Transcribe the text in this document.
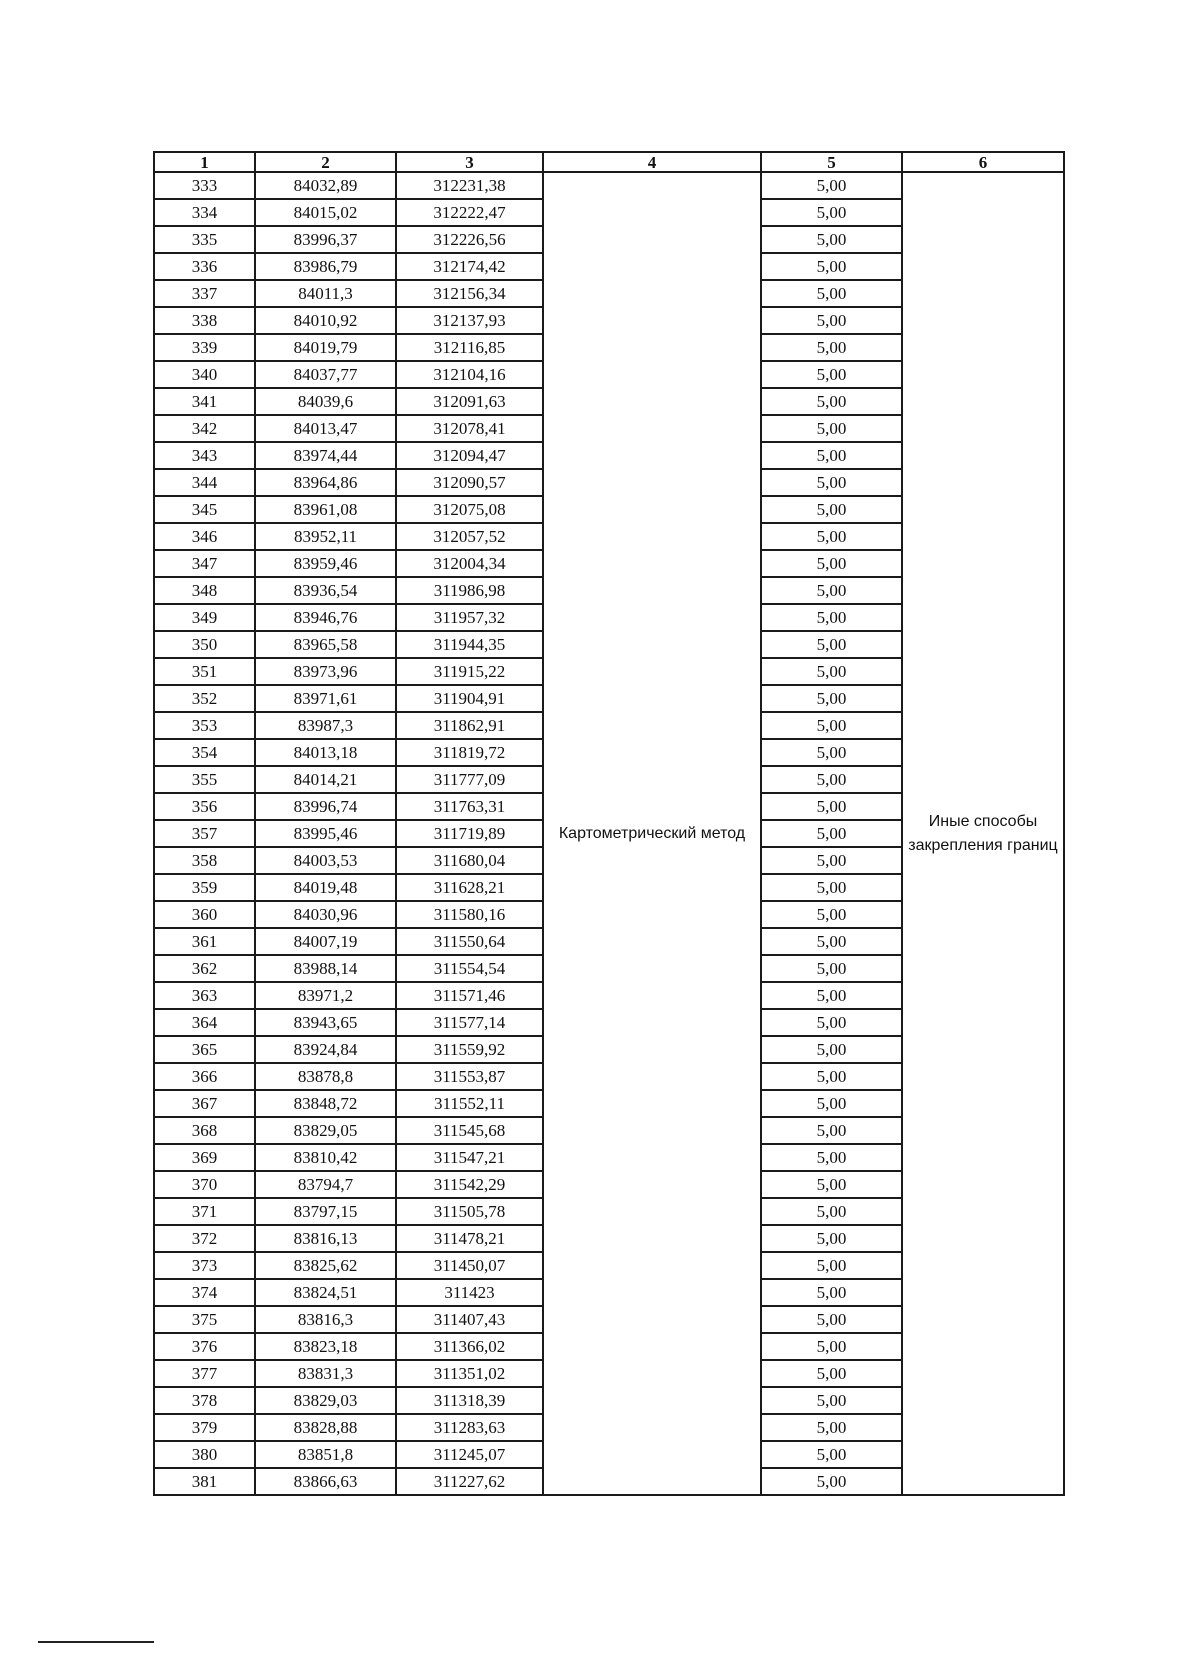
1	2	3	4	5	6
333	84032,89	312231,38	Картометрический метод	5,00	Иные способы закрепления границ
334	84015,02	312222,47		5,00	
335	83996,37	312226,56		5,00	
336	83986,79	312174,42		5,00	
337	84011,3	312156,34		5,00	
338	84010,92	312137,93		5,00	
339	84019,79	312116,85		5,00	
340	84037,77	312104,16		5,00	
341	84039,6	312091,63		5,00	
342	84013,47	312078,41		5,00	
343	83974,44	312094,47		5,00	
344	83964,86	312090,57		5,00	
345	83961,08	312075,08		5,00	
346	83952,11	312057,52		5,00	
347	83959,46	312004,34		5,00	
348	83936,54	311986,98		5,00	
349	83946,76	311957,32		5,00	
350	83965,58	311944,35		5,00	
351	83973,96	311915,22		5,00	
352	83971,61	311904,91		5,00	
353	83987,3	311862,91		5,00	
354	84013,18	311819,72		5,00	
355	84014,21	311777,09		5,00	
356	83996,74	311763,31		5,00	
357	83995,46	311719,89		5,00	
358	84003,53	311680,04		5,00	
359	84019,48	311628,21		5,00	
360	84030,96	311580,16		5,00	
361	84007,19	311550,64		5,00	
362	83988,14	311554,54		5,00	
363	83971,2	311571,46		5,00	
364	83943,65	311577,14		5,00	
365	83924,84	311559,92		5,00	
366	83878,8	311553,87		5,00	
367	83848,72	311552,11		5,00	
368	83829,05	311545,68		5,00	
369	83810,42	311547,21		5,00	
370	83794,7	311542,29		5,00	
371	83797,15	311505,78		5,00	
372	83816,13	311478,21		5,00	
373	83825,62	311450,07		5,00	
374	83824,51	311423		5,00	
375	83816,3	311407,43		5,00	
376	83823,18	311366,02		5,00	
377	83831,3	311351,02		5,00	
378	83829,03	311318,39		5,00	
379	83828,88	311283,63		5,00	
380	83851,8	311245,07		5,00	
381	83866,63	311227,62		5,00	
